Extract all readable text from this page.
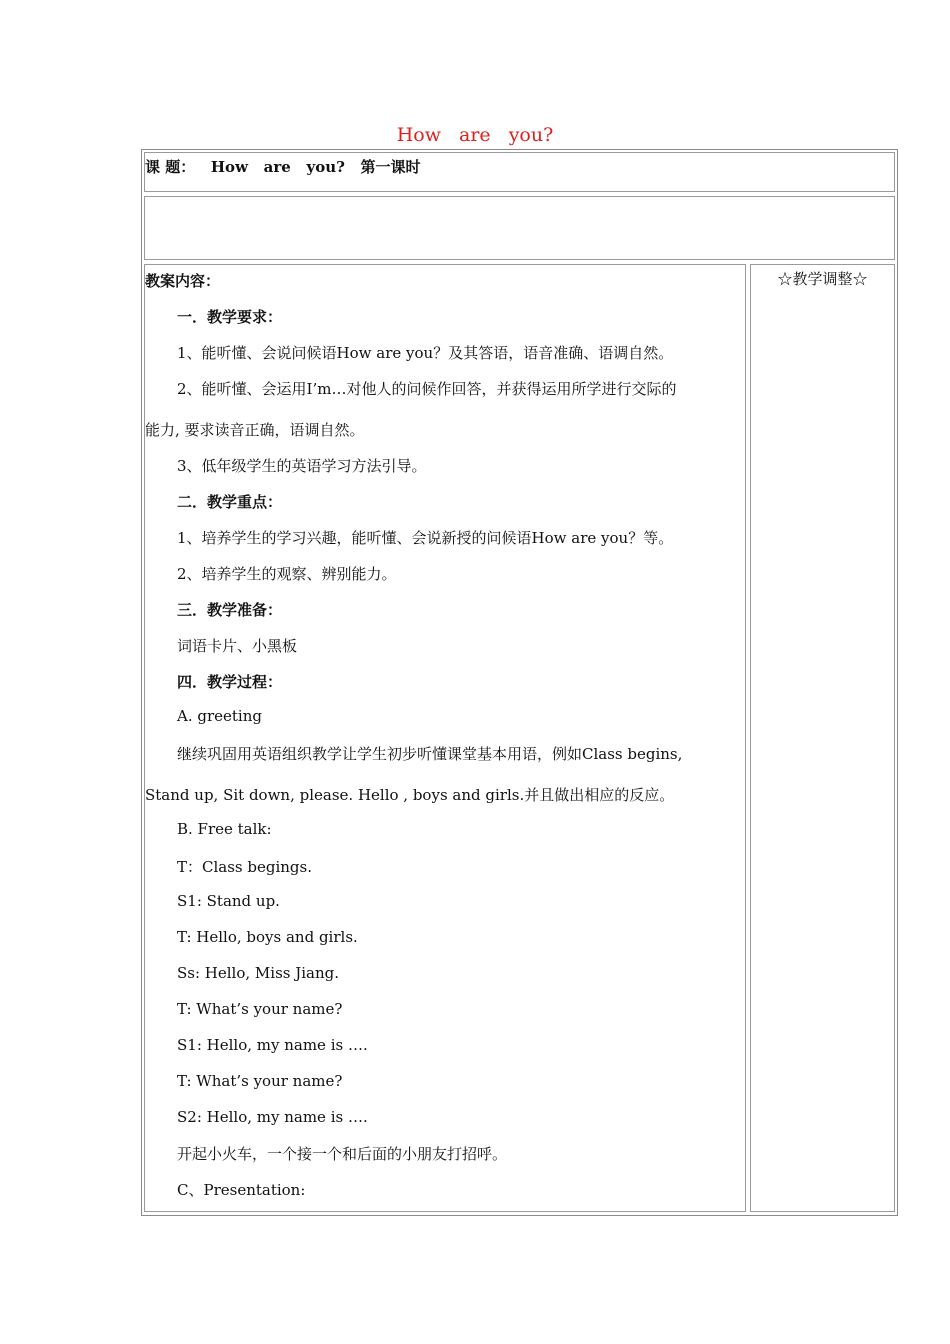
How are you?
课 题：   How   are   you?   第一课时
☆教学调整☆
教案内容：
一．教学要求：
1、能听懂、会说问候语How are you？及其答语，语音准确、语调自然。
2、能听懂、会运用I’m…对他人的问候作回答，并获得运用所学进行交际的
能力, 要求读音正确，语调自然。
3、低年级学生的英语学习方法引导。
二．教学重点：
1、培养学生的学习兴趣，能听懂、会说新授的问候语How are you？等。
2、培养学生的观察、辨别能力。
三．教学准备：
词语卡片、小黑板
四．教学过程：
A. greeting
继续巩固用英语组织教学让学生初步听懂课堂基本用语，例如Class begins,
Stand up, Sit down, please. Hello , boys and girls.并且做出相应的反应。
B. Free talk:
T：Class begings.
S1: Stand up.
T: Hello, boys and girls.
Ss: Hello, Miss Jiang.
T: What’s your name?
S1: Hello, my name is ….
T: What’s your name?
S2: Hello, my name is ….
开起小火车，一个接一个和后面的小朋友打招呼。
C、Presentation:
